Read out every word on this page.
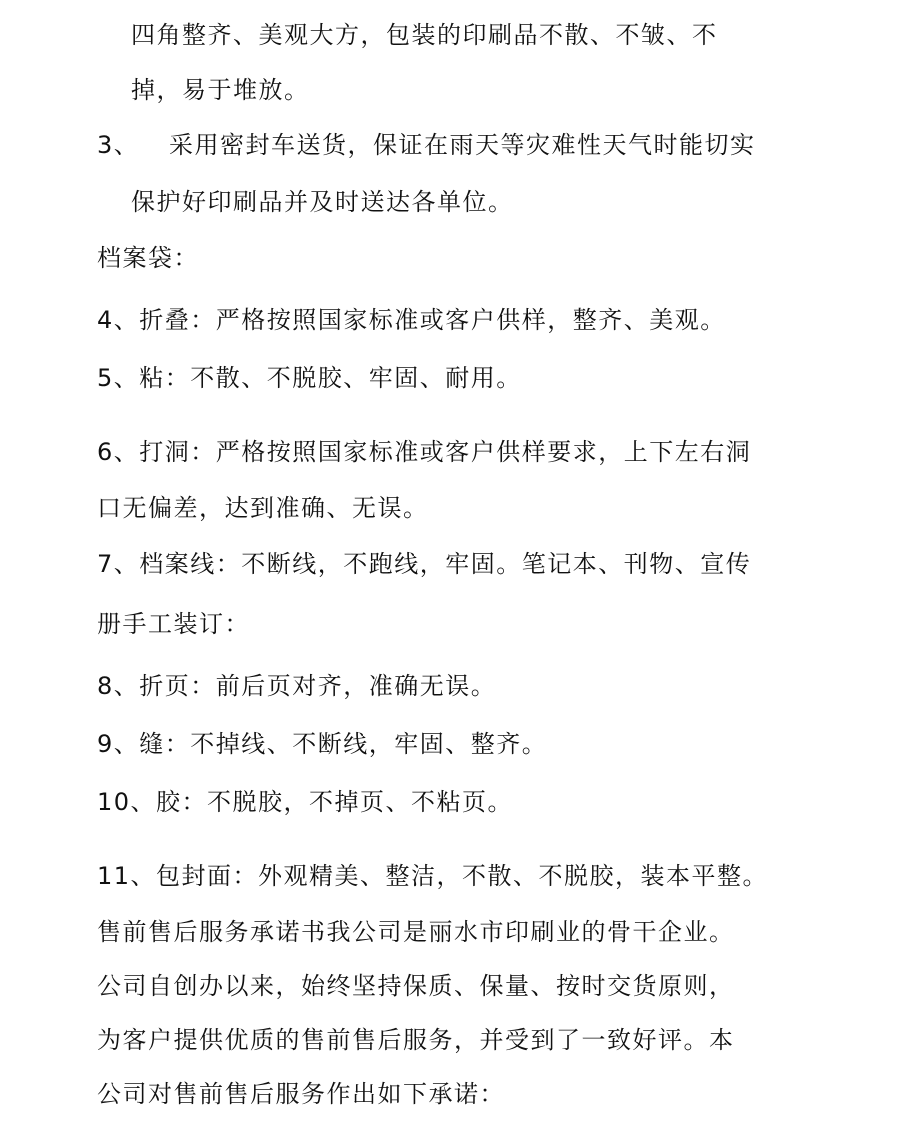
四角整齐、美观大方，包装的印刷品不散、不皱、不
掉，易于堆放。
3、 采用密封车送货，保证在雨天等灾难性天气时能切实
保护好印刷品并及时送达各单位。
档案袋：
4、折叠：严格按照国家标准或客户供样，整齐、美观。
5、粘：不散、不脱胶、牢固、耐用。
6、打洞：严格按照国家标准或客户供样要求，上下左右洞
口无偏差，达到准确、无误。
7、档案线：不断线，不跑线，牢固。笔记本、刊物、宣传
册手工装订：
8、折页：前后页对齐，准确无误。
9、缝：不掉线、不断线，牢固、整齐。
10、胶：不脱胶，不掉页、不粘页。
11、包封面：外观精美、整洁，不散、不脱胶，装本平整。
售前售后服务承诺书我公司是丽水市印刷业的骨干企业。
公司自创办以来，始终坚持保质、保量、按时交货原则，
为客户提供优质的售前售后服务，并受到了一致好评。本
公司对售前售后服务作出如下承诺：
